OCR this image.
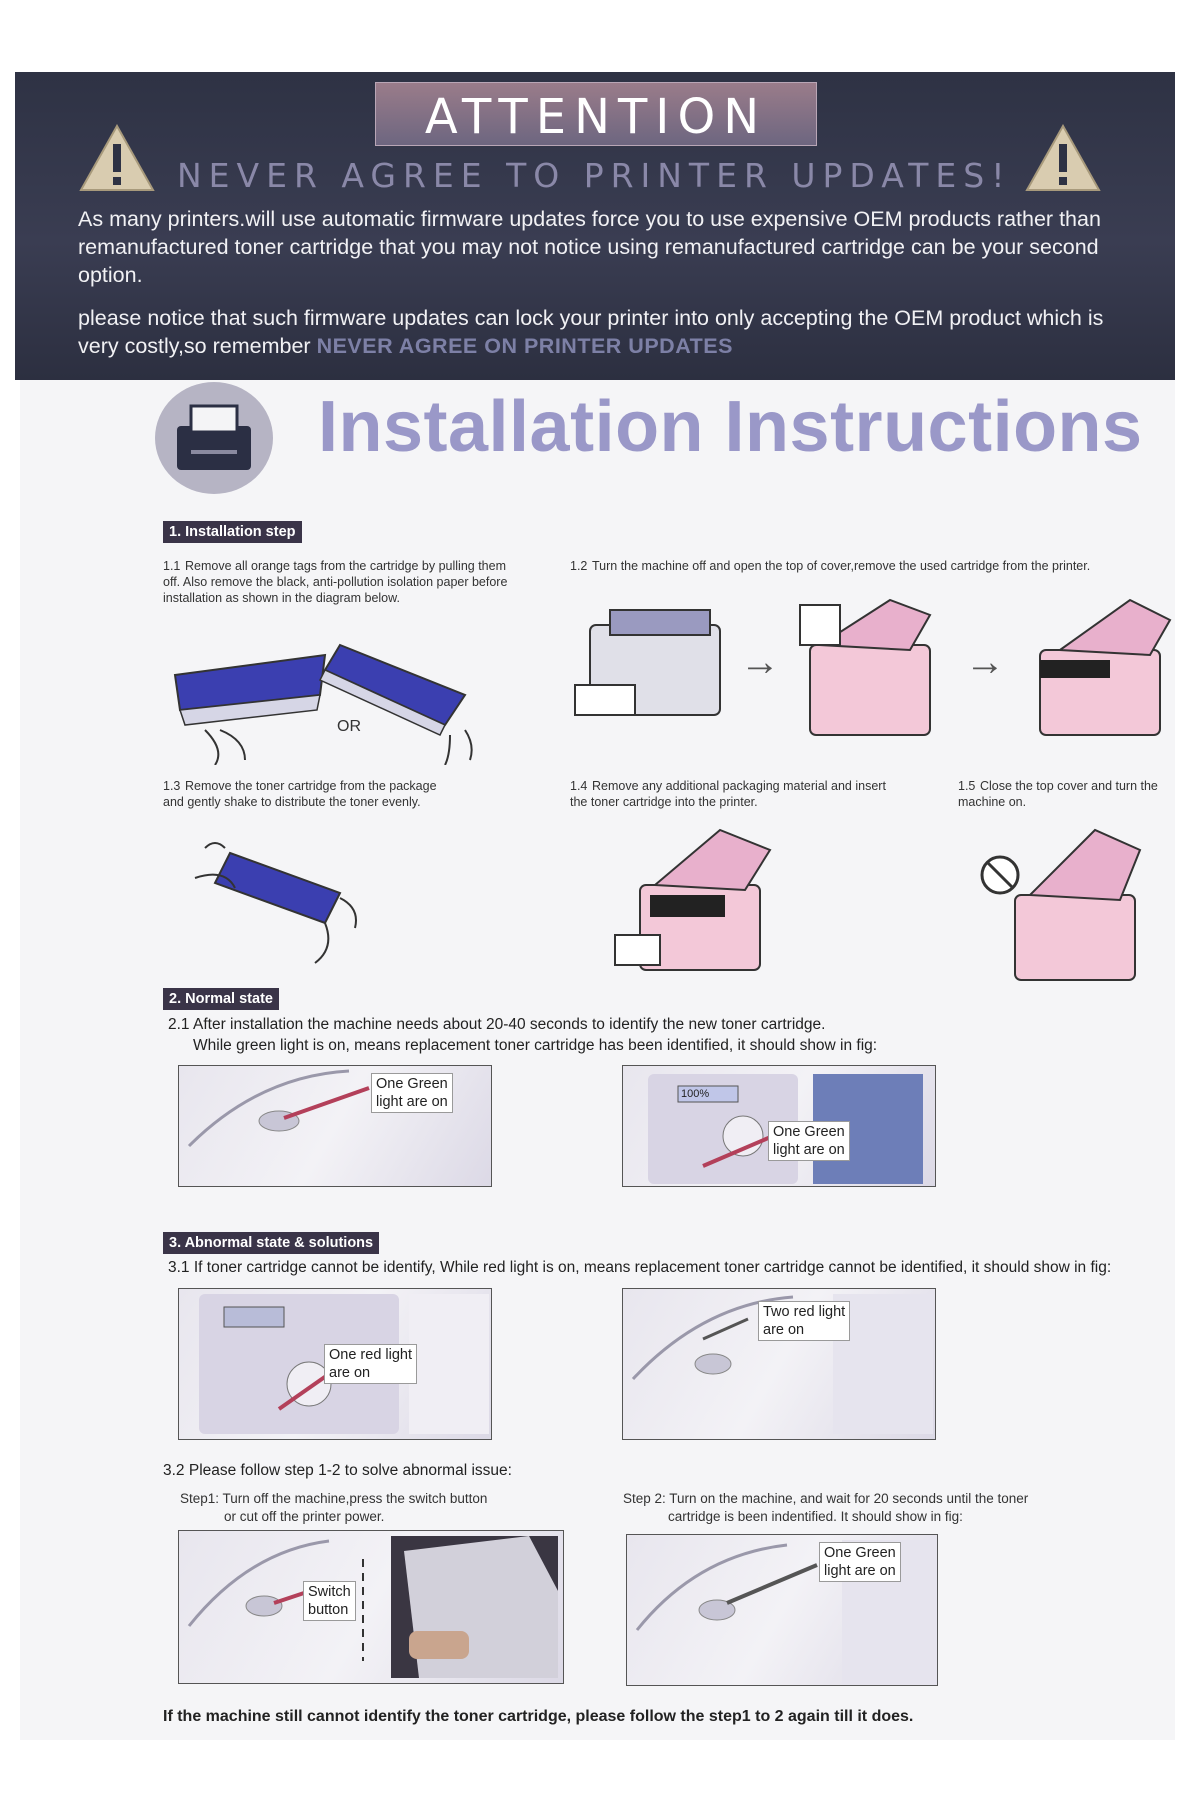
ATTENTION
NEVER AGREE TO PRINTER UPDATES!
As many printers.will use automatic firmware updates force you to use expensive OEM products rather than remanufactured toner cartridge that you may not notice using remanufactured cartridge can be your second option.
please notice that such firmware updates can lock your printer into only accepting the OEM product which is very costly,so remember NEVER AGREE ON PRINTER UPDATES
Installation Instructions
1. Installation step
1.1 Remove all orange tags from the cartridge by pulling them off. Also remove the black, anti-pollution isolation paper before installation as shown in the diagram below.
1.2 Turn the machine off and open the top of cover,remove the used cartridge from the printer.
OR
→	→
1.3 Remove the toner cartridge from the package and gently shake to distribute the toner evenly.
1.4 Remove any additional packaging material and insert the toner cartridge into the printer.
1.5 Close the top cover and turn the machine on.
2. Normal state
2.1 After installation the machine needs about 20-40 seconds to identify the new toner cartridge.
While green light is on, means replacement toner cartridge has been identified, it should show in fig:
One Green
light are on	100%
One Green
light are on
3. Abnormal state & solutions
3.1 If toner cartridge cannot be identify, While red light is on, means replacement toner cartridge cannot be identified, it should show in fig:
One red light
are on
Two red light
are on
3.2 Please follow step 1-2 to solve abnormal issue:
Step1: Turn off the machine,press the switch button
or cut off the printer power.
Step 2: Turn on the machine, and wait for 20 seconds until the toner
cartridge is been indentified. It should show in fig:
Switch
button
One Green
light are on
If the machine still cannot identify the toner cartridge, please follow the step1 to 2 again till it does.
